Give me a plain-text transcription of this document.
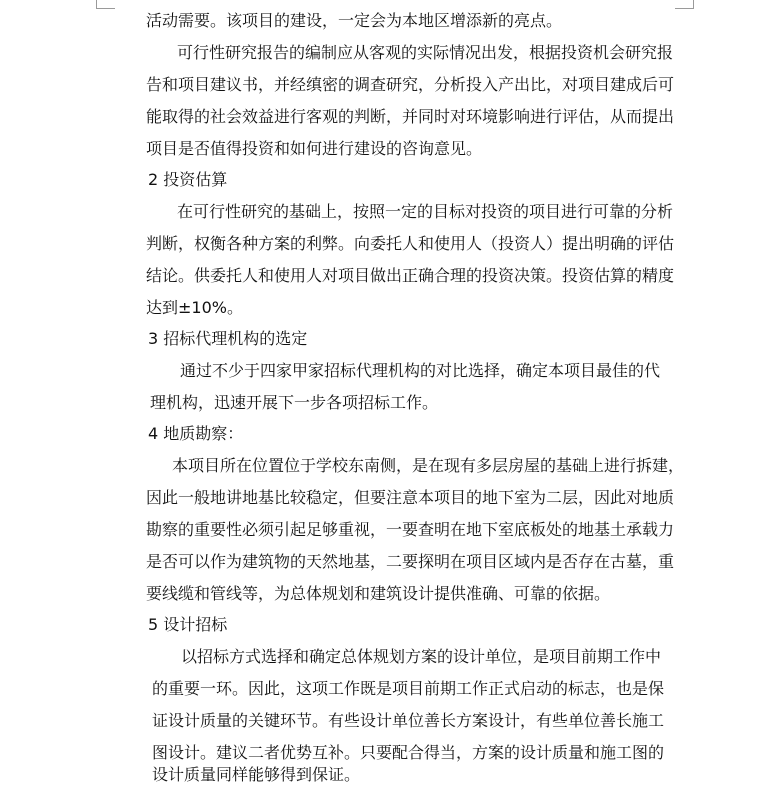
活动需要。该项目的建设，一定会为本地区增添新的亮点。
可行性研究报告的编制应从客观的实际情况出发，根据投资机会研究报
告和项目建议书，并经缜密的调查研究，分析投入产出比，对项目建成后可
能取得的社会效益进行客观的判断，并同时对环境影响进行评估，从而提出
项目是否值得投资和如何进行建设的咨询意见。
2 投资估算
在可行性研究的基础上，按照一定的目标对投资的项目进行可靠的分析
判断，权衡各种方案的利弊。向委托人和使用人（投资人）提出明确的评估
结论。供委托人和使用人对项目做出正确合理的投资决策。投资估算的精度
达到±10%。
3 招标代理机构的选定
通过不少于四家甲家招标代理机构的对比选择，确定本项目最佳的代
理机构，迅速开展下一步各项招标工作。
4 地质勘察：
本项目所在位置位于学校东南侧，是在现有多层房屋的基础上进行拆建，
因此一般地讲地基比较稳定，但要注意本项目的地下室为二层，因此对地质
勘察的重要性必须引起足够重视，一要查明在地下室底板处的地基土承载力
是否可以作为建筑物的天然地基，二要探明在项目区域内是否存在古墓，重
要线缆和管线等，为总体规划和建筑设计提供准确、可靠的依据。
5 设计招标
以招标方式选择和确定总体规划方案的设计单位，是项目前期工作中
的重要一环。因此，这项工作既是项目前期工作正式启动的标志，也是保
证设计质量的关键环节。有些设计单位善长方案设计，有些单位善长施工
图设计。建议二者优势互补。只要配合得当，方案的设计质量和施工图的
设计质量同样能够得到保证。
